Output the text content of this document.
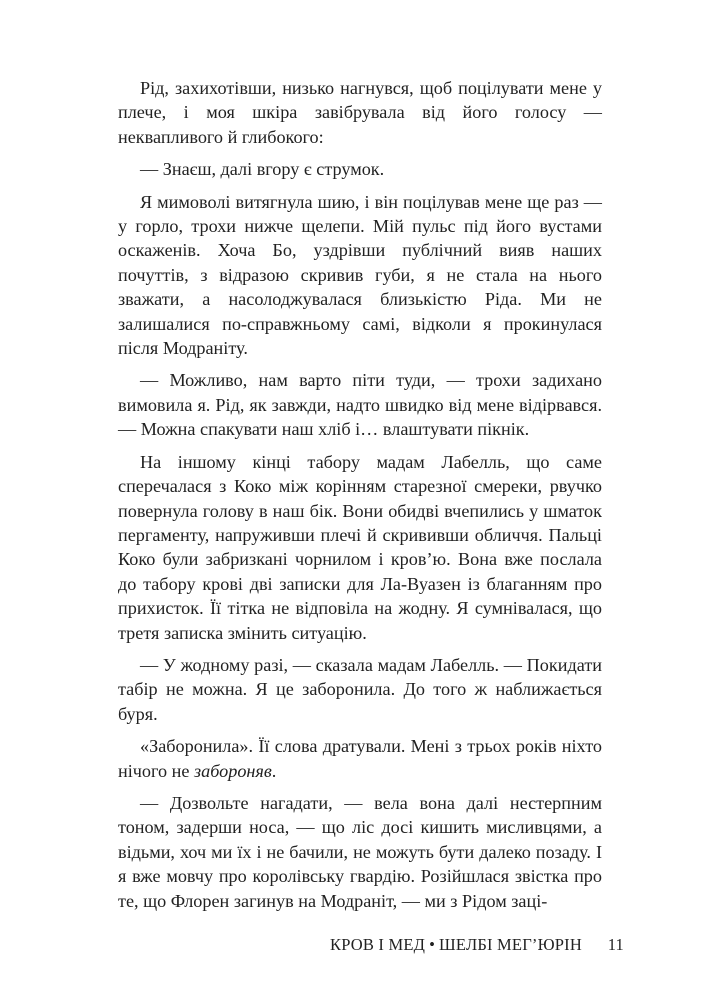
Рід, захихотівши, низько нагнувся, щоб поцілувати мене у плече, і моя шкіра завібрувала від його голосу — неквапливого й глибокого:

— Знаєш, далі вгору є струмок.

Я мимоволі витягнула шию, і він поцілував мене ще раз — у горло, трохи нижче щелепи. Мій пульс під його вустами оскаженів. Хоча Бо, уздрівши публічний вияв наших почуттів, з відразою скривив губи, я не стала на нього зважати, а насолоджувалася близькістю Ріда. Ми не залишалися по-справжньому самі, відколи я прокинулася після Модраніту.

— Можливо, нам варто піти туди, — трохи задихано вимовила я. Рід, як завжди, надто швидко від мене відірвався. — Можна спакувати наш хліб і… влаштувати пікнік.

На іншому кінці табору мадам Лабелль, що саме сперечалася з Коко між корінням старезної смереки, рвучко повернула голову в наш бік. Вони обидві вчепились у шматок пергаменту, напруживши плечі й скрививши обличчя. Пальці Коко були забризкані чорнилом і кров’ю. Вона вже послала до табору крові дві записки для Ла-Вуазен із благанням про прихисток. Її тітка не відповіла на жодну. Я сумнівалася, що третя записка змінить ситуацію.

— У жодному разі, — сказала мадам Лабелль. — Покидати табір не можна. Я це заборонила. До того ж наближається буря.

«Заборонила». Її слова дратували. Мені з трьох років ніхто нічого не забороняв.

— Дозвольте нагадати, — вела вона далі нестерпним тоном, задерши носа, — що ліс досі кишить мисливцями, а відьми, хоч ми їх і не бачили, не можуть бути далеко позаду. І я вже мовчу про королівську гвардію. Розійшлася звістка про те, що Флорен загинув на Модраніт, — ми з Рідом заці-

КРОВ І МЕД • ШЕЛБІ МЕГ’ЮРІН 11
